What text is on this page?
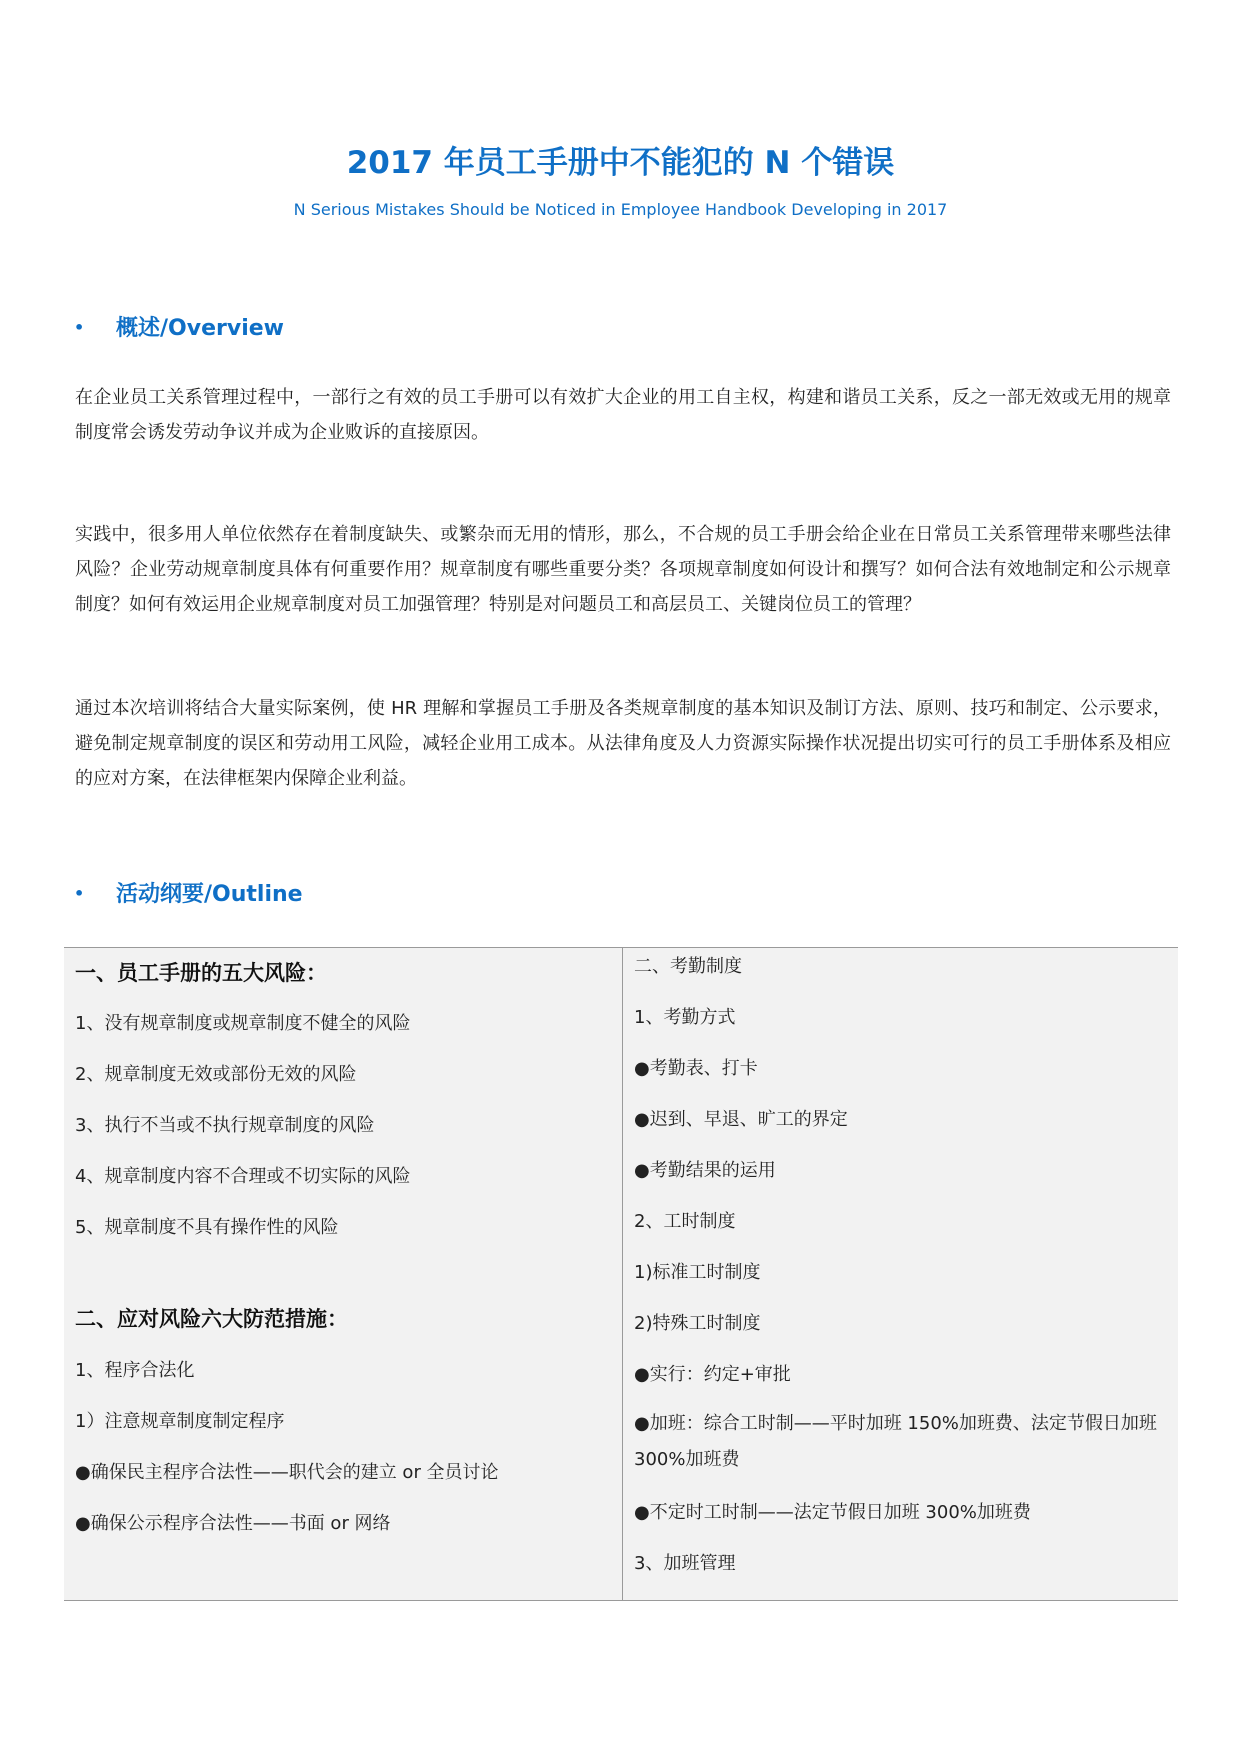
2017 年员工手册中不能犯的 N 个错误
N Serious Mistakes Should be Noticed in Employee Handbook Developing in 2017
• 概述/Overview

在企业员工关系管理过程中，一部行之有效的员工手册可以有效扩大企业的用工自主权，构建和谐员工关系，反之一部无效或无用的规章制度常会诱发劳动争议并成为企业败诉的直接原因。

实践中，很多用人单位依然存在着制度缺失、或繁杂而无用的情形，那么，不合规的员工手册会给企业在日常员工关系管理带来哪些法律风险？企业劳动规章制度具体有何重要作用？规章制度有哪些重要分类？各项规章制度如何设计和撰写？如何合法有效地制定和公示规章制度？如何有效运用企业规章制度对员工加强管理？特别是对问题员工和高层员工、关键岗位员工的管理？

通过本次培训将结合大量实际案例，使 HR 理解和掌握员工手册及各类规章制度的基本知识及制订方法、原则、技巧和制定、公示要求，避免制定规章制度的误区和劳动用工风险，减轻企业用工成本。从法律角度及人力资源实际操作状况提出切实可行的员工手册体系及相应的应对方案，在法律框架内保障企业利益。

• 活动纲要/Outline
一、员工手册的五大风险：
1、没有规章制度或规章制度不健全的风险
2、规章制度无效或部份无效的风险
3、执行不当或不执行规章制度的风险
4、规章制度内容不合理或不切实际的风险
5、规章制度不具有操作性的风险
二、应对风险六大防范措施：
1、程序合法化
1）注意规章制度制定程序
●确保民主程序合法性——职代会的建立 or 全员讨论
●确保公示程序合法性——书面 or 网络
二、考勤制度
1、考勤方式
●考勤表、打卡
●迟到、早退、旷工的界定
●考勤结果的运用
2、工时制度
1)标准工时制度
2)特殊工时制度
●实行：约定+审批
●加班：综合工时制——平时加班 150%加班费、法定节假日加班 300%加班费
●不定时工时制——法定节假日加班 300%加班费
3、加班管理
